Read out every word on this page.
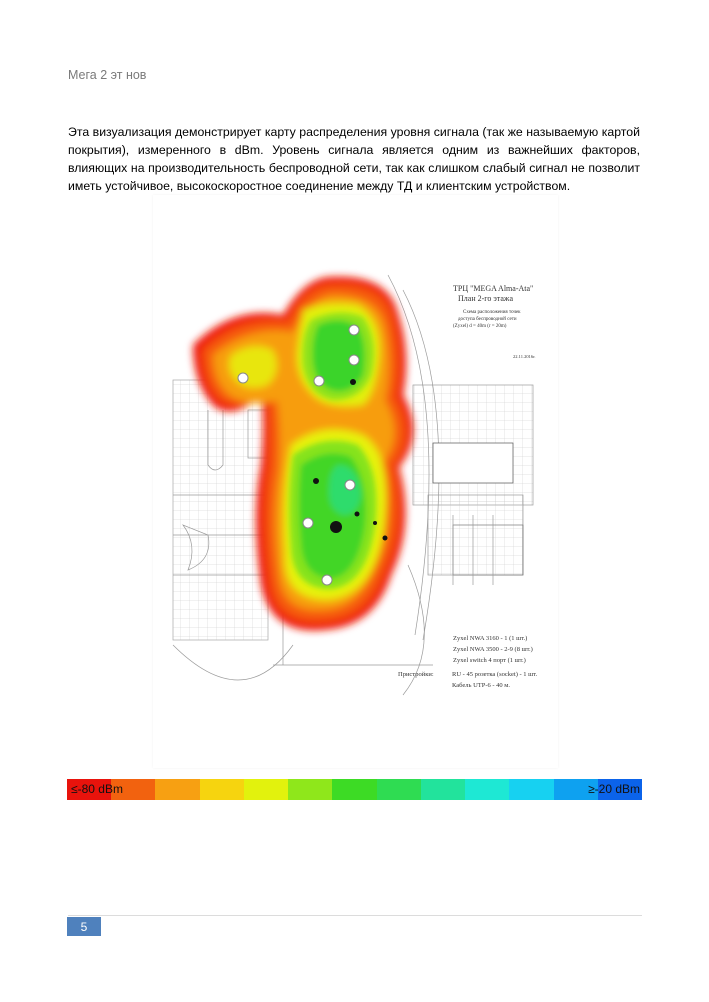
Мега 2 эт нов
Эта визуализация демонстрирует карту распределения уровня сигнала (так же называемую картой покрытия), измеренного в dBm. Уровень сигнала является одним из важнейших факторов, влияющих на производительность беспроводной сети, так как слишком слабый сигнал не позволит иметь устойчивое, высокоскоростное соединение между ТД и клиентским устройством.
ТРЦ "MEGA Alma-Ata"
План 2-го этажа
Схема расположения точек
доступа беспроводной сети
(Zyxel) d = 40m (r = 20m)
22.11.2016г.
Zyxel NWA 3160 - 1 (1 шт.)
Zyxel NWA 3500 - 2-9 (8 шт.)
Zyxel switch 4 порт (1 шт.)
Пристройки:	RU - 45 розетка (socket) - 1 шт.
Кабель UTP-6 - 40 м.
≤-80 dBm	≥-20 dBm
5
